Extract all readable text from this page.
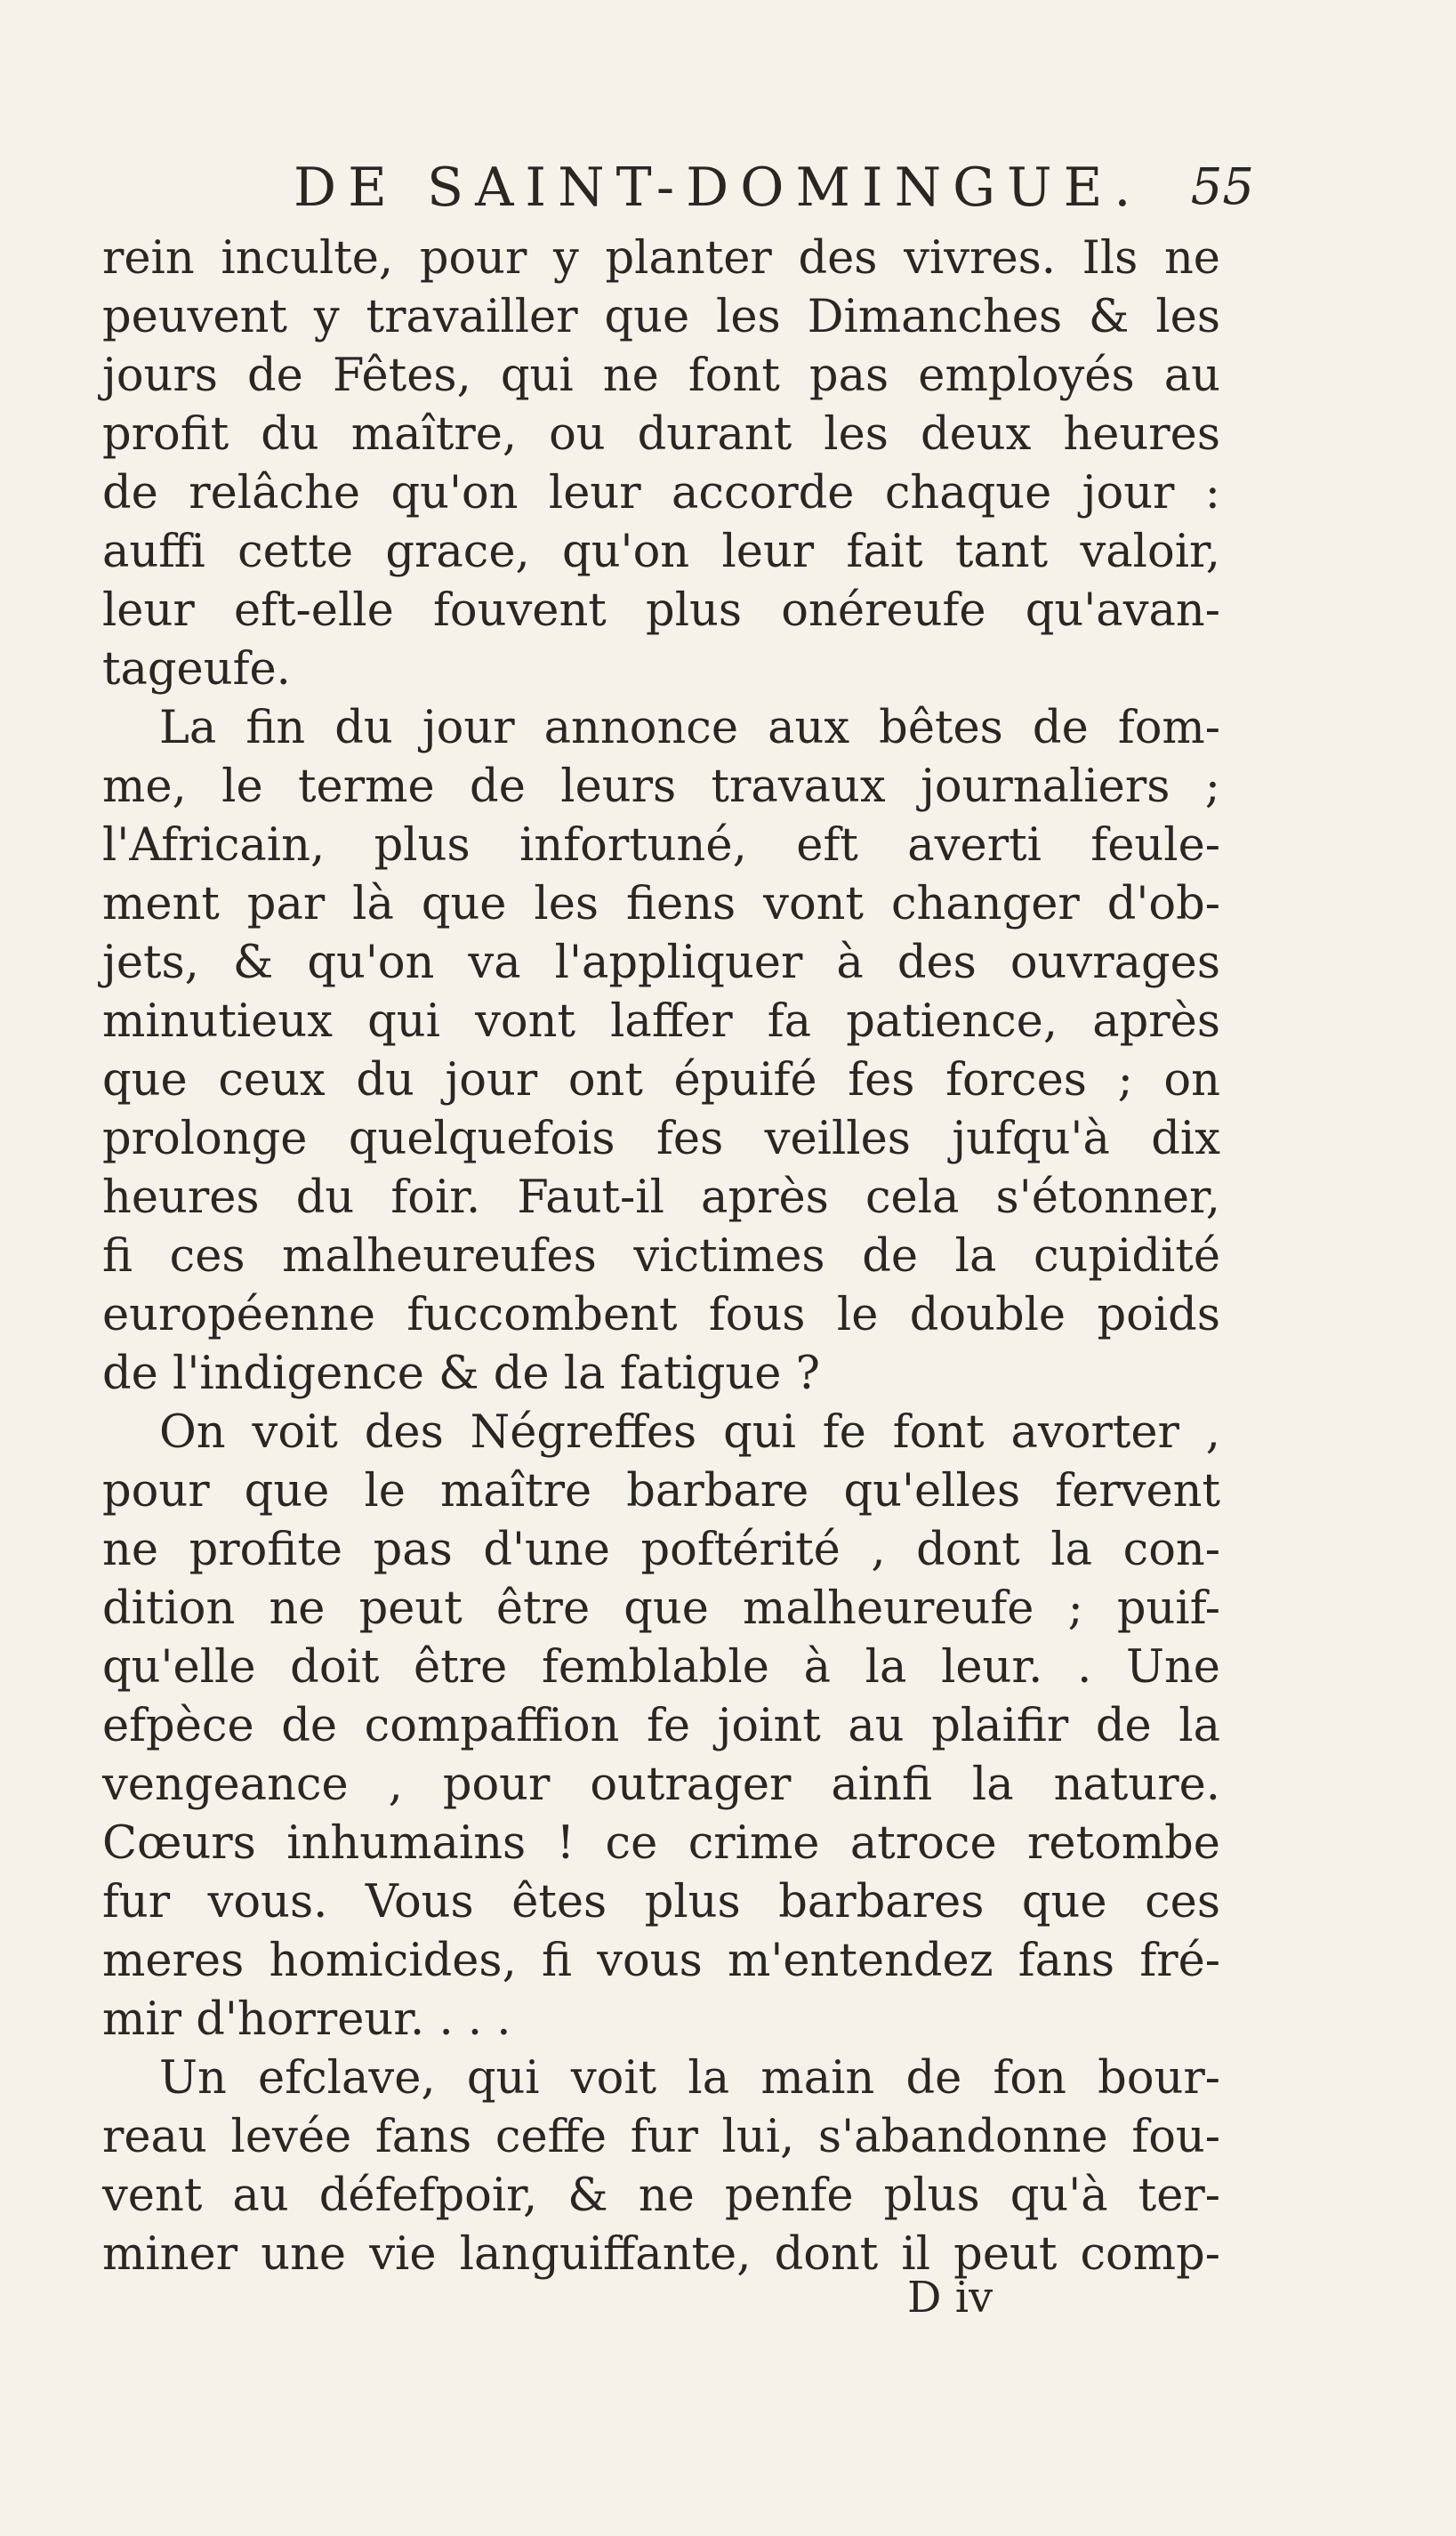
DE SAINT-DOMINGUE. 55
rein inculte, pour y planter des vivres. Ils ne
peuvent y travailler que les Dimanches & les
jours de Fêtes, qui ne font pas employés au
profit du maître, ou durant les deux heures
de relâche qu'on leur accorde chaque jour :
auffi cette grace, qu'on leur fait tant valoir,
leur eft-elle fouvent plus onéreufe qu'avan-
tageufe.
La fin du jour annonce aux bêtes de fom-
me, le terme de leurs travaux journaliers ;
l'Africain, plus infortuné, eft averti feule-
ment par là que les fiens vont changer d'ob-
jets, & qu'on va l'appliquer à des ouvrages
minutieux qui vont laffer fa patience, après
que ceux du jour ont épuifé fes forces ; on
prolonge quelquefois fes veilles jufqu'à dix
heures du foir. Faut-il après cela s'étonner,
fi ces malheureufes victimes de la cupidité
européenne fuccombent fous le double poids
de l'indigence & de la fatigue ?
On voit des Négreffes qui fe font avorter ,
pour que le maître barbare qu'elles fervent
ne profite pas d'une poftérité , dont la con-
dition ne peut être que malheureufe ; puif-
qu'elle doit être femblable à la leur. . Une
efpèce de compaffion fe joint au plaifir de la
vengeance , pour outrager ainfi la nature.
Cœurs inhumains ! ce crime atroce retombe
fur vous. Vous êtes plus barbares que ces
meres homicides, fi vous m'entendez fans fré-
mir d'horreur. . . .
Un efclave, qui voit la main de fon bour-
reau levée fans ceffe fur lui, s'abandonne fou-
vent au défefpoir, & ne penfe plus qu'à ter-
miner une vie languiffante, dont il peut comp-
D iv
